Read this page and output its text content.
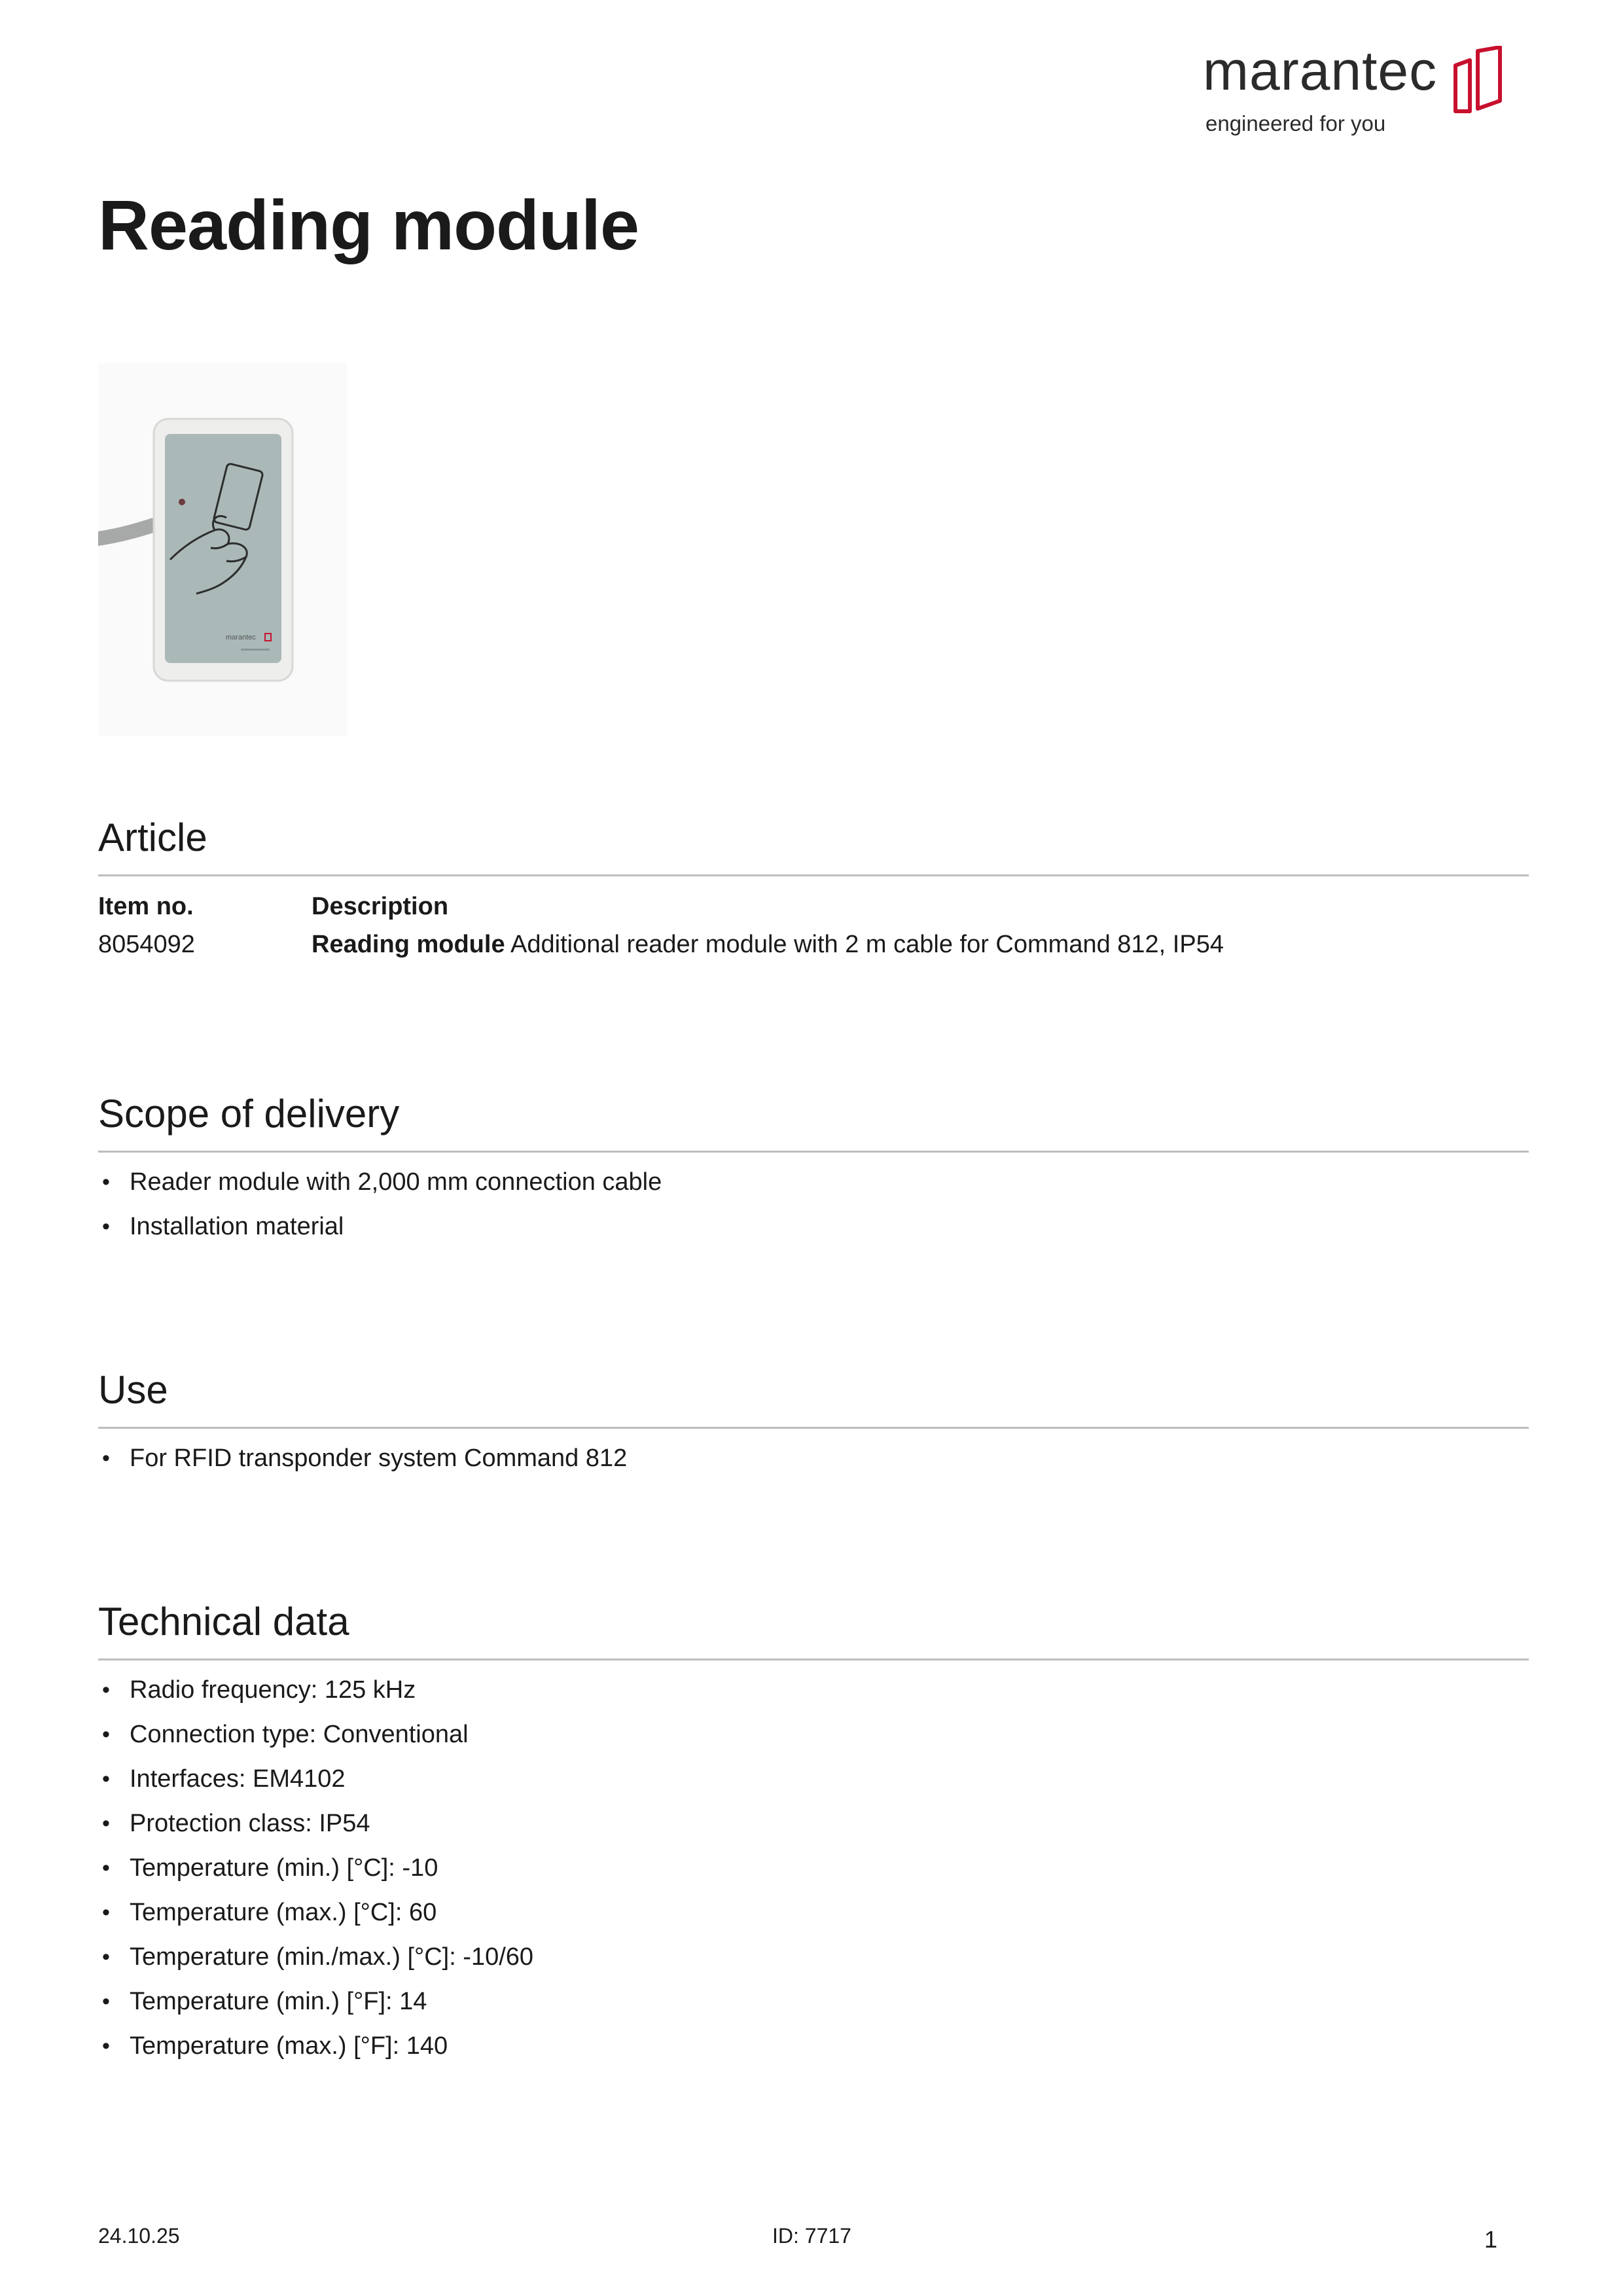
marantec
engineered for you
Reading module
marantec
Article
Item no.	Description
8054092	Reading module Additional reader module with 2 m cable for Command 812, IP54
Scope of delivery
• Reader module with 2,000 mm connection cable
• Installation material
Use
• For RFID transponder system Command 812
Technical data
• Radio frequency: 125 kHz
• Connection type: Conventional
• Interfaces: EM4102
• Protection class: IP54
• Temperature (min.) [°C]: -10
• Temperature (max.) [°C]: 60
• Temperature (min./max.) [°C]: -10/60
• Temperature (min.) [°F]: 14
• Temperature (max.) [°F]: 140
24.10.25	ID: 7717	1
